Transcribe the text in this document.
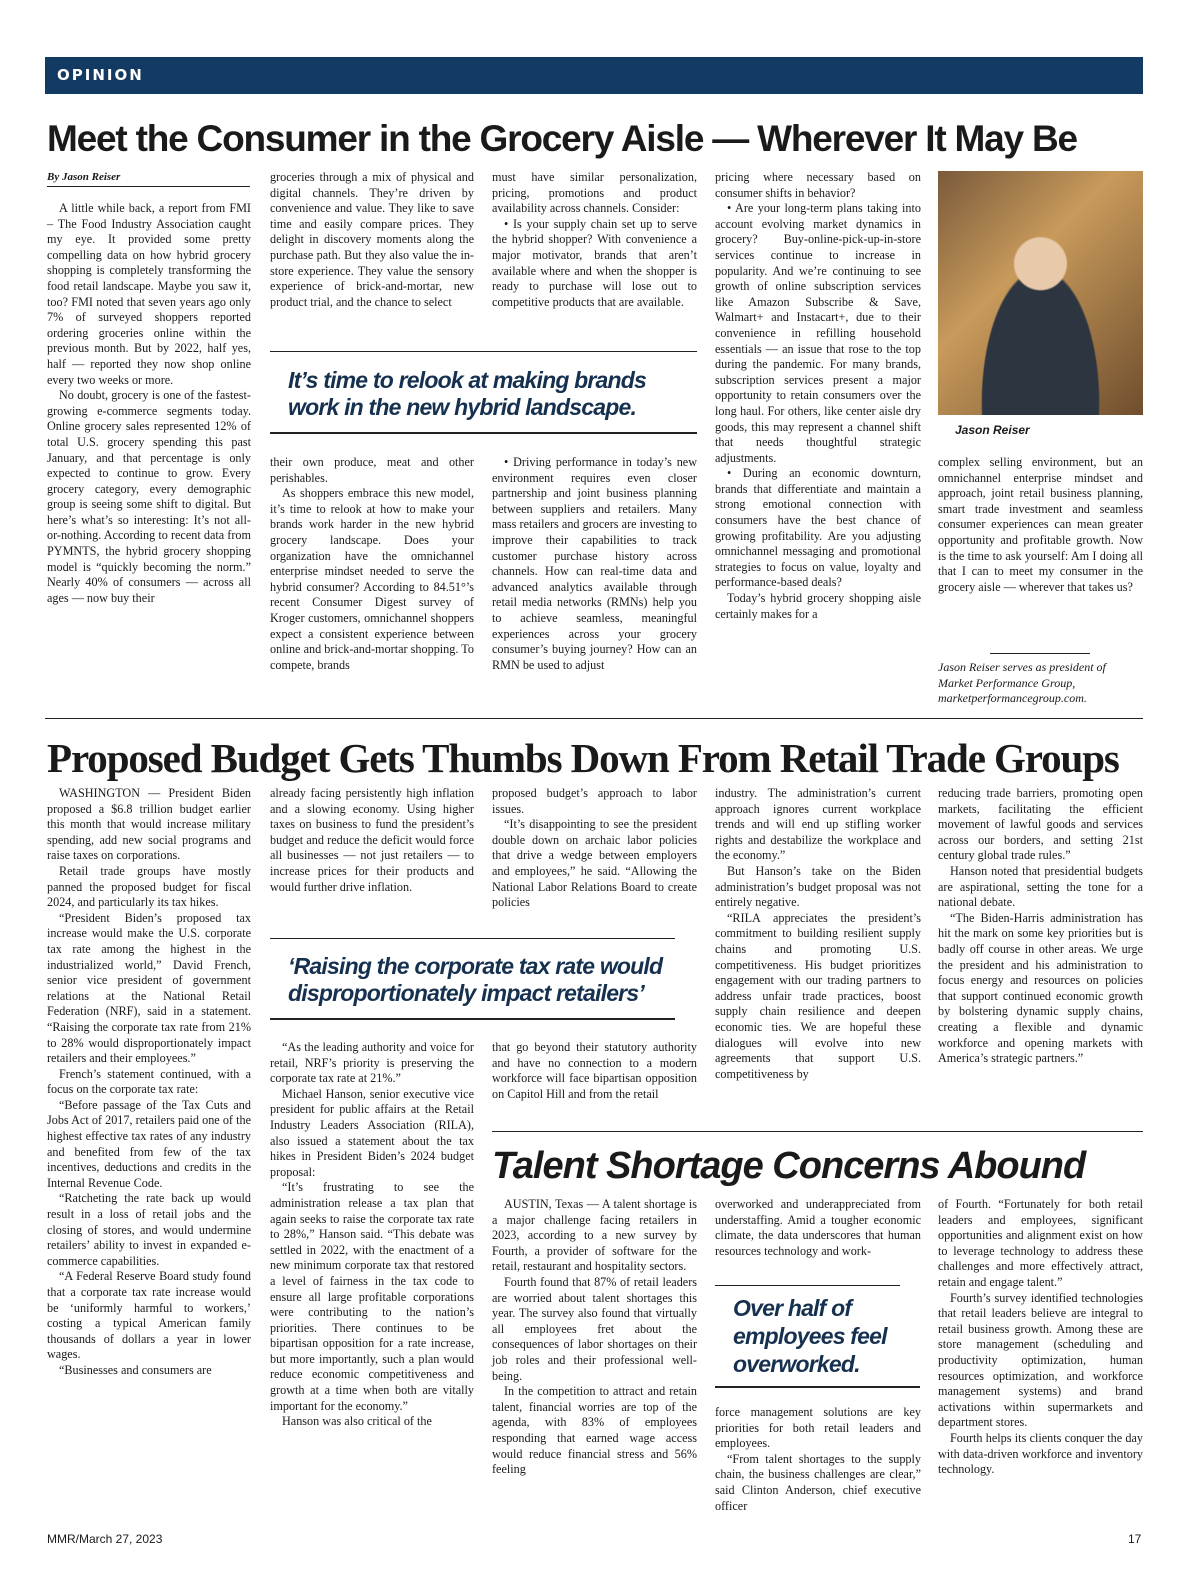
OPINION
Meet the Consumer in the Grocery Aisle — Wherever It May Be
By Jason Reiser

A little while back, a report from FMI – The Food Industry Association caught my eye. It provided some pretty compelling data on how hybrid grocery shopping is completely transforming the food retail landscape. Maybe you saw it, too? FMI noted that seven years ago only 7% of surveyed shoppers reported ordering groceries online within the previous month. But by 2022, half yes, half — reported they now shop online every two weeks or more.

No doubt, grocery is one of the fastest-growing e-commerce segments today. Online grocery sales represented 12% of total U.S. grocery spending this past January, and that percentage is only expected to continue to grow. Every grocery category, every demographic group is seeing some shift to digital. But here’s what’s so interesting: It’s not all-or-nothing. According to recent data from PYMNTS, the hybrid grocery shopping model is “quickly becoming the norm.” Nearly 40% of consumers — across all ages — now buy their

groceries through a mix of physical and digital channels. They’re driven by convenience and value. They like to save time and easily compare prices. They delight in discovery moments along the purchase path. But they also value the in-store experience. They value the sensory experience of brick-and-mortar, new product trial, and the chance to select

must have similar personalization, pricing, promotions and product availability across channels. Consider:

• Is your supply chain set up to serve the hybrid shopper? With convenience a major motivator, brands that aren’t available where and when the shopper is ready to purchase will lose out to competitive products that are available.

It’s time to relook at making brands work in the new hybrid landscape.

their own produce, meat and other perishables.

As shoppers embrace this new model, it’s time to relook at how to make your brands work harder in the new hybrid grocery landscape. Does your organization have the omnichannel enterprise mindset needed to serve the hybrid consumer? According to 84.51°’s recent Consumer Digest survey of Kroger customers, omnichannel shoppers expect a consistent experience between online and brick-and-mortar shopping. To compete, brands

• Driving performance in today’s new environment requires even closer partnership and joint business planning between suppliers and retailers. Many mass retailers and grocers are investing to improve their capabilities to track customer purchase history across channels. How can real-time data and advanced analytics available through retail media networks (RMNs) help you to achieve seamless, meaningful experiences across your grocery consumer’s buying journey? How can an RMN be used to adjust

pricing where necessary based on consumer shifts in behavior?

• Are your long-term plans taking into account evolving market dynamics in grocery? Buy-online-pick-up-in-store services continue to increase in popularity. And we’re continuing to see growth of online subscription services like Amazon Subscribe & Save, Walmart+ and Instacart+, due to their convenience in refilling household essentials — an issue that rose to the top during the pandemic. For many brands, subscription services present a major opportunity to retain consumers over the long haul. For others, like center aisle dry goods, this may represent a channel shift that needs thoughtful strategic adjustments.

• During an economic downturn, brands that differentiate and maintain a strong emotional connection with consumers have the best chance of growing profitability. Are you adjusting omnichannel messaging and promotional strategies to focus on value, loyalty and performance-based deals?

Today’s hybrid grocery shopping aisle certainly makes for a

Jason Reiser

complex selling environment, but an omnichannel enterprise mindset and approach, joint retail business planning, smart trade investment and seamless consumer experiences can mean greater opportunity and profitable growth. Now is the time to ask yourself: Am I doing all that I can to meet my consumer in the grocery aisle — wherever that takes us?

Jason Reiser serves as president of Market Performance Group, marketperformancegroup.com.
Proposed Budget Gets Thumbs Down From Retail Trade Groups

WASHINGTON — President Biden proposed a $6.8 trillion budget earlier this month that would increase military spending, add new social programs and raise taxes on corporations.

Retail trade groups have mostly panned the proposed budget for fiscal 2024, and particularly its tax hikes.

“President Biden’s proposed tax increase would make the U.S. corporate tax rate among the highest in the industrialized world,” David French, senior vice president of government relations at the National Retail Federation (NRF), said in a statement. “Raising the corporate tax rate from 21% to 28% would disproportionately impact retailers and their employees.”

French’s statement continued, with a focus on the corporate tax rate:

“Before passage of the Tax Cuts and Jobs Act of 2017, retailers paid one of the highest effective tax rates of any industry and benefited from few of the tax incentives, deductions and credits in the Internal Revenue Code.

“Ratcheting the rate back up would result in a loss of retail jobs and the closing of stores, and would undermine retailers’ ability to invest in expanded e-commerce capabilities.

“A Federal Reserve Board study found that a corporate tax rate increase would be ‘uniformly harmful to workers,’ costing a typical American family thousands of dollars a year in lower wages.

“Businesses and consumers are

already facing persistently high inflation and a slowing economy. Using higher taxes on business to fund the president’s budget and reduce the deficit would force all businesses — not just retailers — to increase prices for their products and would further drive inflation.

proposed budget’s approach to labor issues.

“It’s disappointing to see the president double down on archaic labor policies that drive a wedge between employers and employees,” he said. “Allowing the National Labor Relations Board to create policies

‘Raising the corporate tax rate would disproportionately impact retailers’

“As the leading authority and voice for retail, NRF’s priority is preserving the corporate tax rate at 21%.”

Michael Hanson, senior executive vice president for public affairs at the Retail Industry Leaders Association (RILA), also issued a statement about the tax hikes in President Biden’s 2024 budget proposal:

“It’s frustrating to see the administration release a tax plan that again seeks to raise the corporate tax rate to 28%,” Hanson said. “This debate was settled in 2022, with the enactment of a new minimum corporate tax that restored a level of fairness in the tax code to ensure all large profitable corporations were contributing to the nation’s priorities. There continues to be bipartisan opposition for a rate increase, but more importantly, such a plan would reduce economic competitiveness and growth at a time when both are vitally important for the economy.”

Hanson was also critical of the

that go beyond their statutory authority and have no connection to a modern workforce will face bipartisan opposition on Capitol Hill and from the retail

industry. The administration’s current approach ignores current workplace trends and will end up stifling worker rights and destabilize the workplace and the economy.”

But Hanson’s take on the Biden administration’s budget proposal was not entirely negative.

“RILA appreciates the president’s commitment to building resilient supply chains and promoting U.S. competitiveness. His budget prioritizes engagement with our trading partners to address unfair trade practices, boost supply chain resilience and deepen economic ties. We are hopeful these dialogues will evolve into new agreements that support U.S. competitiveness by

reducing trade barriers, promoting open markets, facilitating the efficient movement of lawful goods and services across our borders, and setting 21st century global trade rules.”

Hanson noted that presidential budgets are aspirational, setting the tone for a national debate.

“The Biden-Harris administration has hit the mark on some key priorities but is badly off course in other areas. We urge the president and his administration to focus energy and resources on policies that support continued economic growth by bolstering dynamic supply chains, creating a flexible and dynamic workforce and opening markets with America’s strategic partners.”

Talent Shortage Concerns Abound

AUSTIN, Texas — A talent shortage is a major challenge facing retailers in 2023, according to a new survey by Fourth, a provider of software for the retail, restaurant and hospitality sectors.

Fourth found that 87% of retail leaders are worried about talent shortages this year. The survey also found that virtually all employees fret about the consequences of labor shortages on their job roles and their professional well-being.

In the competition to attract and retain talent, financial worries are top of the agenda, with 83% of employees responding that earned wage access would reduce financial stress and 56% feeling

overworked and underappreciated from understaffing. Amid a tougher economic climate, the data underscores that human resources technology and work-

Over half of employees feel overworked.

force management solutions are key priorities for both retail leaders and employees.

“From talent shortages to the supply chain, the business challenges are clear,” said Clinton Anderson, chief executive officer

of Fourth. “Fortunately for both retail leaders and employees, significant opportunities and alignment exist on how to leverage technology to address these challenges and more effectively attract, retain and engage talent.”

Fourth’s survey identified technologies that retail leaders believe are integral to retail business growth. Among these are store management (scheduling and productivity optimization, human resources optimization, and workforce management systems) and brand activations within supermarkets and department stores.

Fourth helps its clients conquer the day with data-driven workforce and inventory technology.

MMR/March 27, 2023	17
